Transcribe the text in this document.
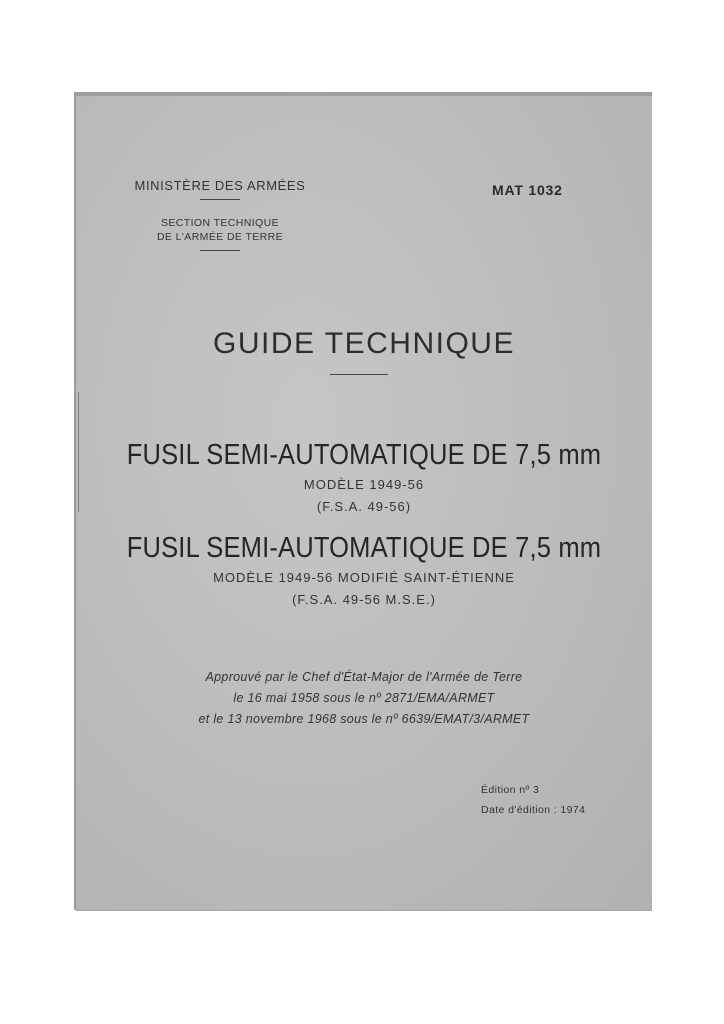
MINISTÈRE DES ARMÉES
SECTION TECHNIQUE
DE L'ARMÉE DE TERRE
MAT 1032
GUIDE TECHNIQUE
FUSIL SEMI-AUTOMATIQUE DE 7,5 mm
MODÈLE 1949-56
(F.S.A. 49-56)
FUSIL SEMI-AUTOMATIQUE DE 7,5 mm
MODÈLE 1949-56 MODIFIÉ SAINT-ÉTIENNE
(F.S.A. 49-56 M.S.E.)
Approuvé par le Chef d'État-Major de l'Armée de Terre
le 16 mai 1958 sous le nº 2871/EMA/ARMET
et le 13 novembre 1968 sous le nº 6639/EMAT/3/ARMET
Édition nº 3
Date d'édition : 1974
